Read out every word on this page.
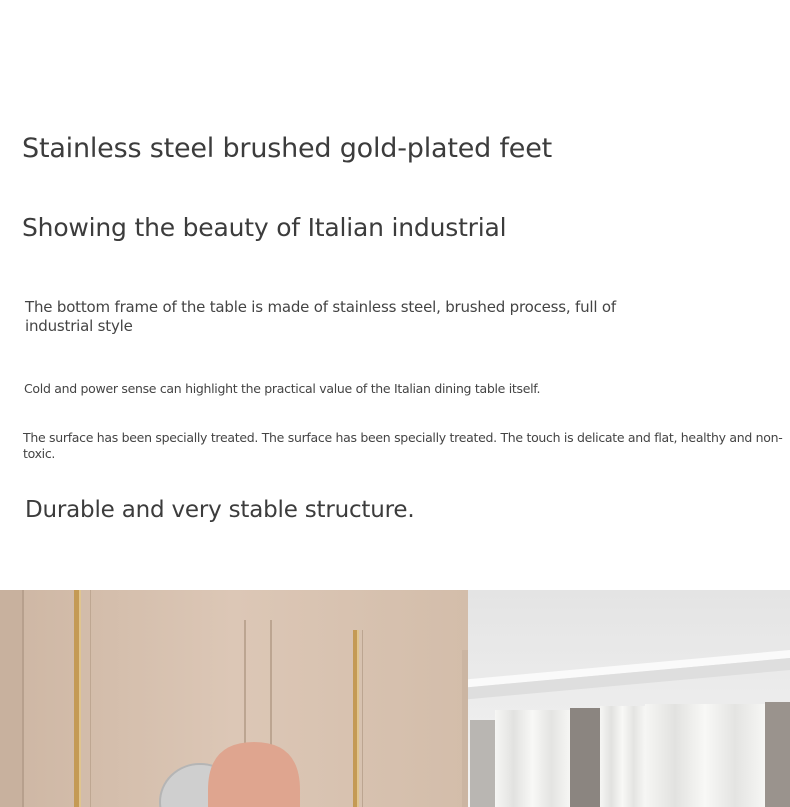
Stainless steel brushed gold-plated feet
Showing the beauty of Italian industrial

The bottom frame of the table is made of stainless steel, brushed process, full of industrial style

Cold and power sense can highlight the practical value of the Italian dining table itself.

The surface has been specially treated. The surface has been specially treated. The touch is delicate and flat, healthy and non-toxic.

Durable and very stable structure.
